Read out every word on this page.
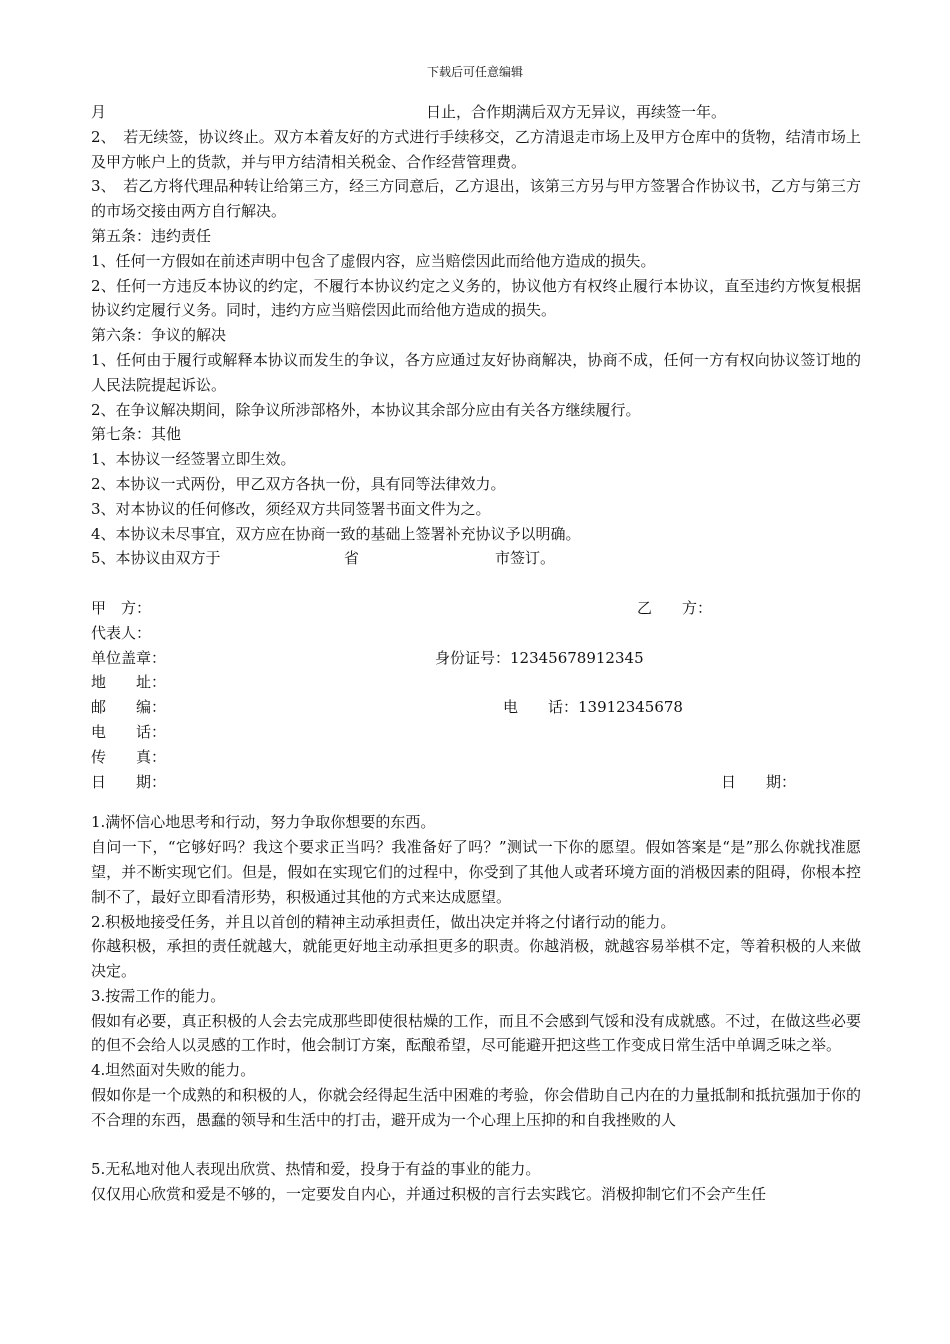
下载后可任意编辑
月	日止，合作期满后双方无异议，再续签一年。
2、　若无续签，协议终止。双方本着友好的方式进行手续移交，乙方清退走市场上及甲方仓库中的货物，结清市场上及甲方帐户上的货款，并与甲方结清相关税金、合作经营管理费。
3、　若乙方将代理品种转让给第三方，经三方同意后，乙方退出，该第三方另与甲方签署合作协议书，乙方与第三方的市场交接由两方自行解决。
第五条：违约责任
1、任何一方假如在前述声明中包含了虚假内容，应当赔偿因此而给他方造成的损失。
2、任何一方违反本协议的约定，不履行本协议约定之义务的，协议他方有权终止履行本协议，直至违约方恢复根据协议约定履行义务。同时，违约方应当赔偿因此而给他方造成的损失。
第六条：争议的解决
1、任何由于履行或解释本协议而发生的争议，各方应通过友好协商解决，协商不成，任何一方有权向协议签订地的人民法院提起诉讼。
2、在争议解决期间，除争议所涉部格外，本协议其余部分应由有关各方继续履行。
第七条：其他
1、本协议一经签署立即生效。
2、本协议一式两份，甲乙双方各执一份，具有同等法律效力。
3、对本协议的任何修改，须经双方共同签署书面文件为之。
4、本协议未尽事宜，双方应在协商一致的基础上签署补充协议予以明确。
5、本协议由双方于	省	市签订。
甲　方：	乙　　方：
代表人：
单位盖章：	身份证号：12345678912345
地　　址：
邮　　编：	电　　话：13912345678
电　　话：
传　　真：
日　　期：	日　　期：
1.满怀信心地思考和行动，努力争取你想要的东西。
自问一下，“它够好吗？我这个要求正当吗？我准备好了吗？”测试一下你的愿望。假如答案是“是”那么你就找准愿望，并不断实现它们。但是，假如在实现它们的过程中，你受到了其他人或者环境方面的消极因素的阻碍，你根本控制不了，最好立即看清形势，积极通过其他的方式来达成愿望。
2.积极地接受任务，并且以首创的精神主动承担责任，做出决定并将之付诸行动的能力。
你越积极，承担的责任就越大，就能更好地主动承担更多的职责。你越消极，就越容易举棋不定，等着积极的人来做决定。
3.按需工作的能力。
假如有必要，真正积极的人会去完成那些即使很枯燥的工作，而且不会感到气馁和没有成就感。不过，在做这些必要的但不会给人以灵感的工作时，他会制订方案，酝酿希望，尽可能避开把这些工作变成日常生活中单调乏味之举。
4.坦然面对失败的能力。
假如你是一个成熟的和积极的人，你就会经得起生活中困难的考验，你会借助自己内在的力量抵制和抵抗强加于你的不合理的东西，愚蠢的领导和生活中的打击，避开成为一个心理上压抑的和自我挫败的人
5.无私地对他人表现出欣赏、热情和爱，投身于有益的事业的能力。
仅仅用心欣赏和爱是不够的，一定要发自内心，并通过积极的言行去实践它。消极抑制它们不会产生任
